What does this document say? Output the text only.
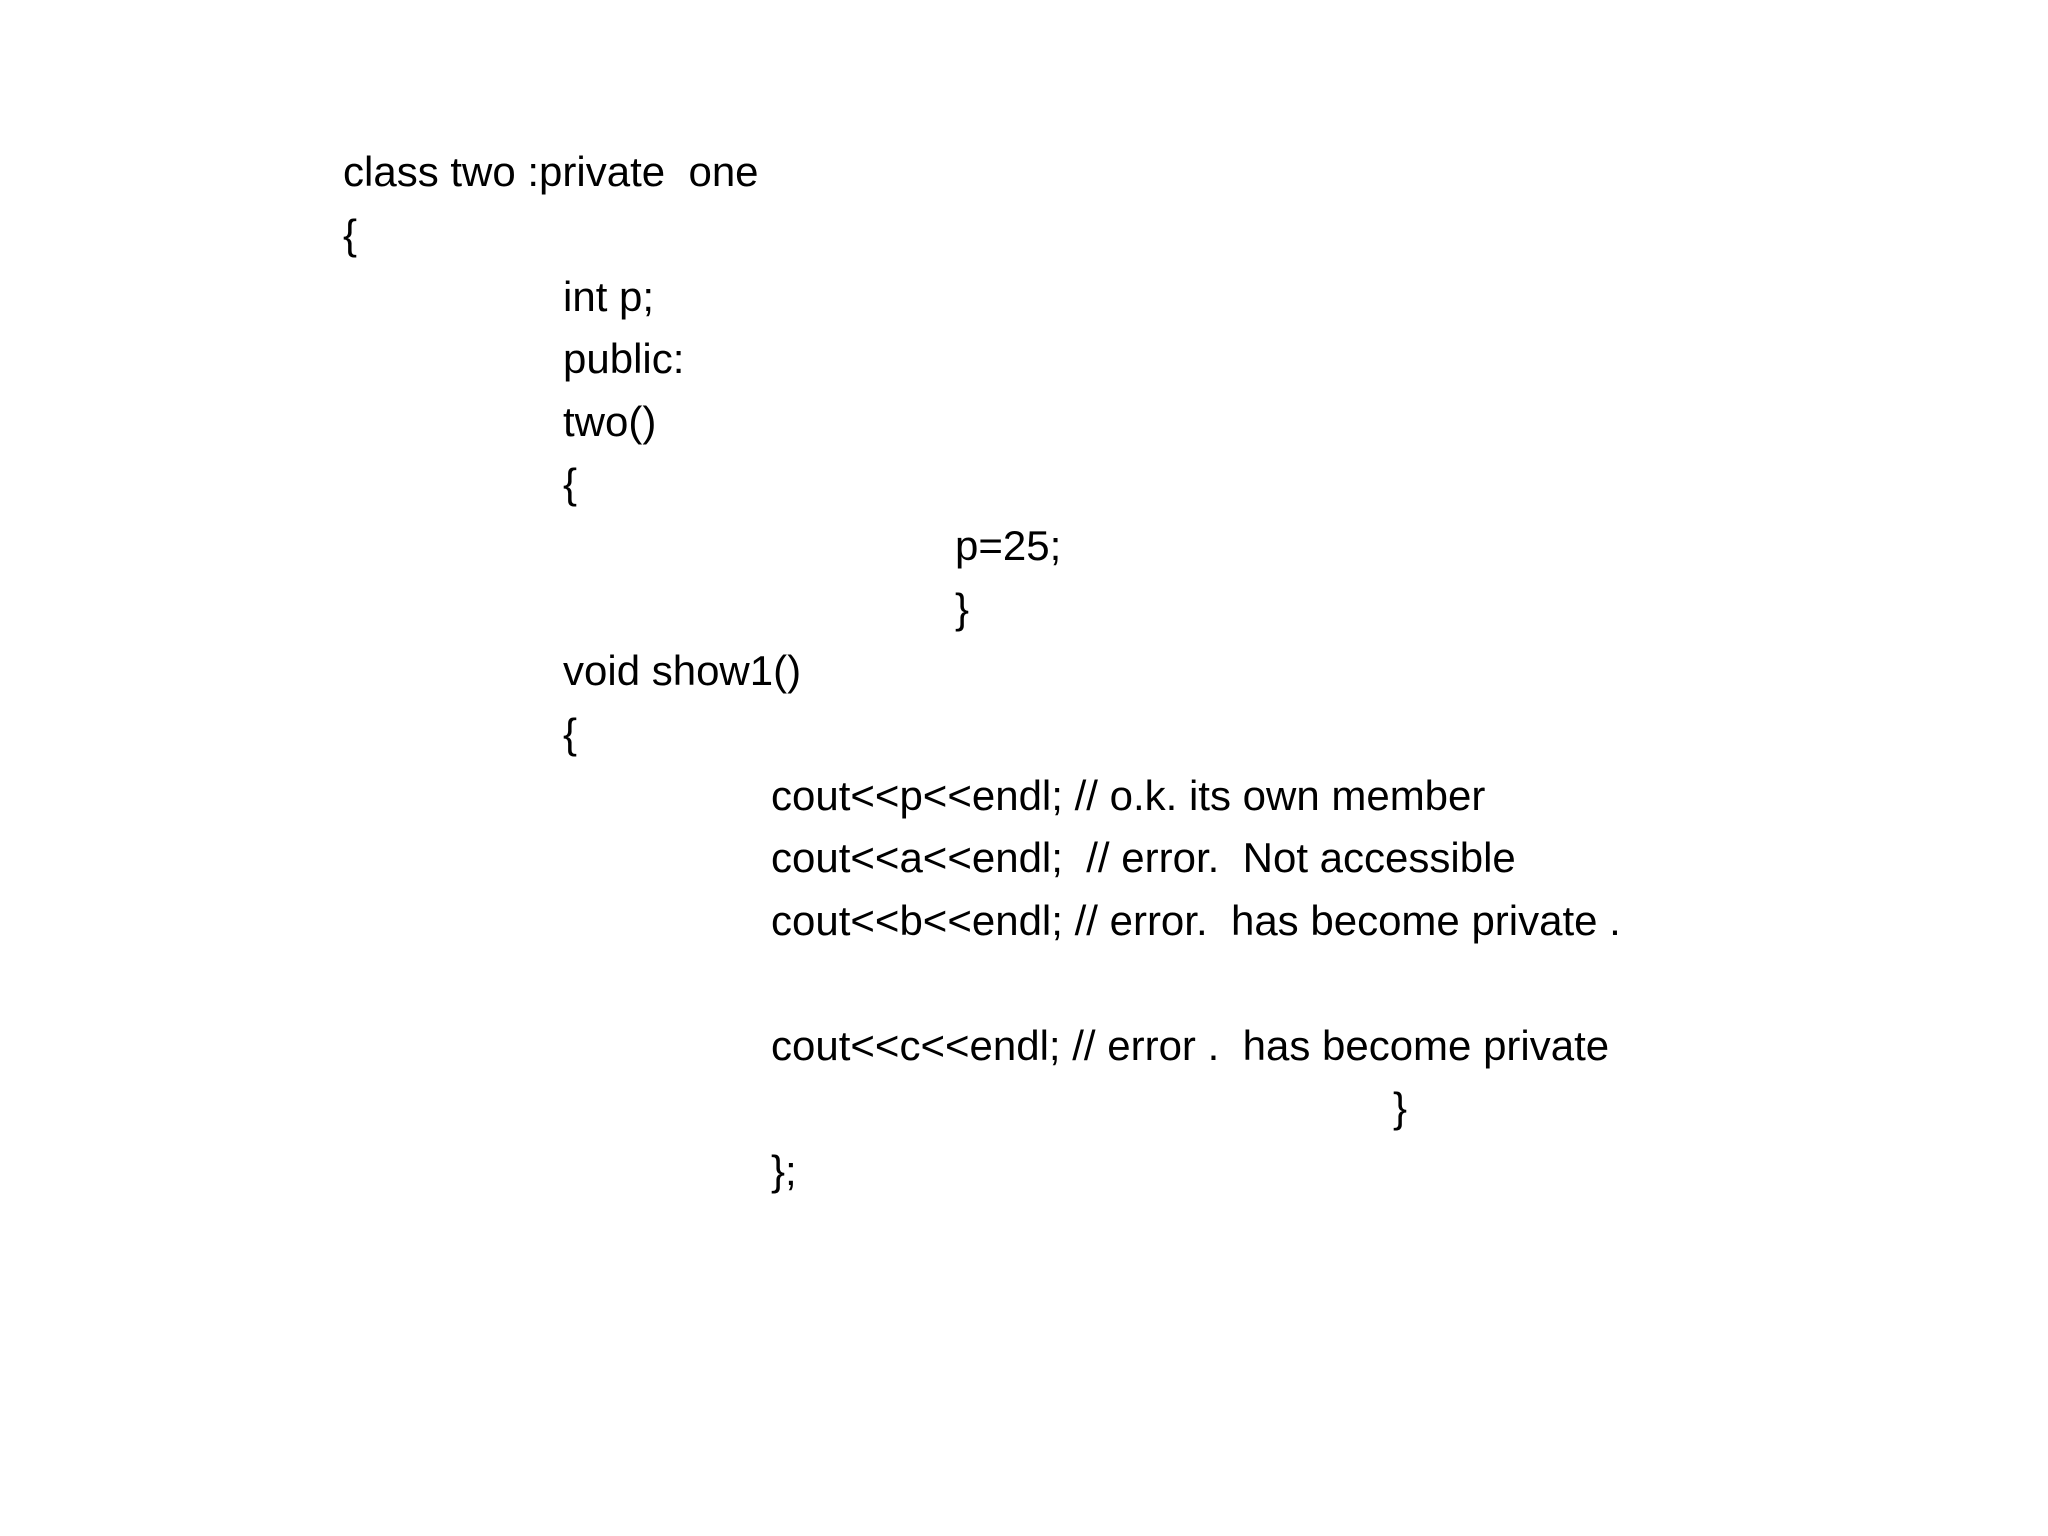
class two :private  one
{
int p;
public:
two()
{
p=25;
}
void show1()
{
cout<<p<<endl; // o.k. its own member
cout<<a<<endl;  // error.  Not accessible
cout<<b<<endl; // error.  has become private .
cout<<c<<endl; // error .  has become private
}
};
